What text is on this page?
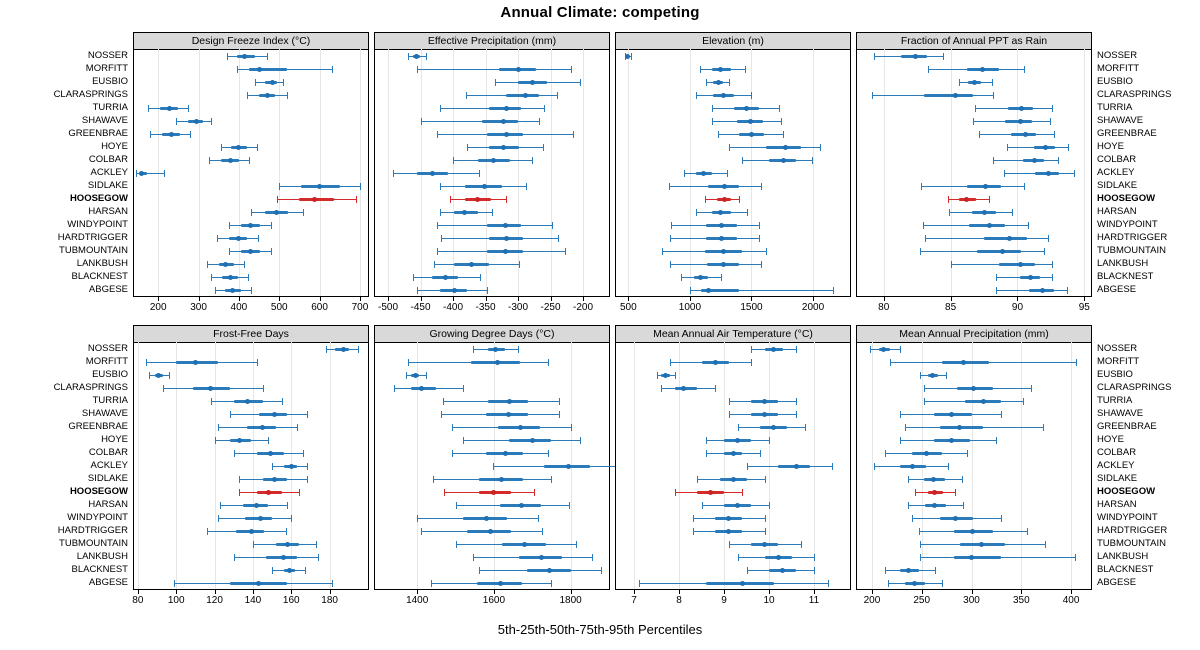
Annual Climate: competing
5th-25th-50th-75th-95th Percentiles
Design Freeze Index (°C)
200	300	400	500	600	700
Effective Precipitation (mm)
-500	-450	-400	-350	-300	-250	-200
Elevation (m)
500	1000	1500	2000
Fraction of Annual PPT as Rain
80	85	90	95
Frost-Free Days
80	100	120	140	160	180
Growing Degree Days (°C)
1400	1600	1800
Mean Annual Air Temperature (°C)
7	8	9	10	11
Mean Annual Precipitation (mm)
200	250	300	350	400
NOSSER	NOSSER
MORFITT	MORFITT
EUSBIO	EUSBIO
CLARASPRINGS	CLARASPRINGS
TURRIA	TURRIA
SHAWAVE	SHAWAVE
GREENBRAE	GREENBRAE
HOYE	HOYE
COLBAR	COLBAR
ACKLEY	ACKLEY
SIDLAKE	SIDLAKE
HOOSEGOW	HOOSEGOW
HARSAN	HARSAN
WINDYPOINT	WINDYPOINT
HARDTRIGGER	HARDTRIGGER
TUBMOUNTAIN	TUBMOUNTAIN
LANKBUSH	LANKBUSH
BLACKNEST	BLACKNEST
ABGESE	ABGESE
NOSSER	NOSSER
MORFITT	MORFITT
EUSBIO	EUSBIO
CLARASPRINGS	CLARASPRINGS
TURRIA	TURRIA
SHAWAVE	SHAWAVE
GREENBRAE	GREENBRAE
HOYE	HOYE
COLBAR	COLBAR
ACKLEY	ACKLEY
SIDLAKE	SIDLAKE
HOOSEGOW	HOOSEGOW
HARSAN	HARSAN
WINDYPOINT	WINDYPOINT
HARDTRIGGER	HARDTRIGGER
TUBMOUNTAIN	TUBMOUNTAIN
LANKBUSH	LANKBUSH
BLACKNEST	BLACKNEST
ABGESE	ABGESE
